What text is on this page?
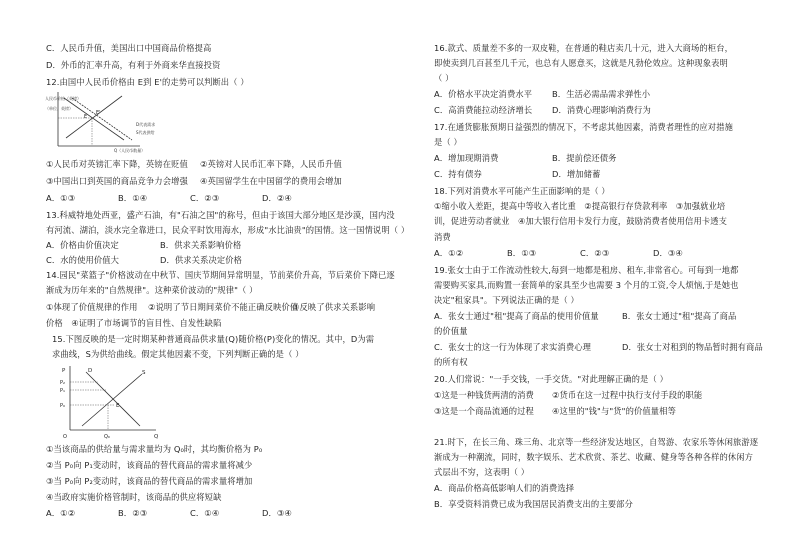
C．人民币升值，美国出口中国商品价格提高
D．外币的汇率升高，有利于外商来华直接投资
12.由国中人民币价格由 E到 E'的走势可以判断出（ ）
人民币价格（英镑）
（单位，英镑）
E
E'
D代表需求
S代表供给
Q（人民币数量）
①人民币对英镑汇率下降，英镑在贬值 ②英镑对人民币汇率下降，人民币升值
③中国出口到英国的商品竞争力会增强 ④英国留学生在中国留学的费用会增加
A．①③	B．①④	C．②③	D．②④
13.科威特地处西亚，盛产石油，有"石油之国"的称号，但由于该国大部分地区是沙漠，国内没
有河流、湖泊，淡水完全靠进口，民众平时饮用海水，形成"水比油贵"的国情。这一国情说明（ ）
A．价格由价值决定	B．供求关系影响价格
C．水的使用价值大	D．供求关系决定价格
14.园民"菜篮子"价格波动在中秋节、国庆节期间异常明显，节前菜价升高，节后菜价下降已逐
渐成为历年来的"自然规律"。这种菜价波动的"规律"（ ）
①体现了价值规律的作用 ②说明了节日期间菜价不能正确反映价值
③反映了供求关系影响
价格　④证明了市场调节的盲目性、自发性缺陷
15.下图反映的是一定时期某种普通商品供求量(Q)随价格(P)变化的情况。其中，D为需
求曲线，S为供给曲线。假定其他因素不变，下列判断正确的是（ ）
P
P₂
P₁
P₀
O	Q₀	Q
D	S
E
①当该商品的供给量与需求量均为 Q₀时，其均衡价格为 P₀
②当 P₀向 P₁变动时，该商品的替代商品的需求量将减少
③当 P₀向 P₂变动时，该商品的替代商品的需求量将增加
④当政府实施价格管制时，该商品的供应将短缺
A．①②	B．②③	C．①④	D．③④
16.款式、质量差不多的一双皮鞋，在普通的鞋店卖几十元，进入大商场的柜台，
即使卖到几百甚至几千元，也总有人愿意买，这就是凡勃伦效应。这种现象表明
（ ）
A．价格水平决定消费水平 B．生活必需品需求弹性小
C．高消费能拉动经济增长 D．消费心理影响消费行为
17.在通货膨胀预期日益强烈的情况下，不考虑其他因素，消费者理性的应对措施
是（ ）
A．增加现期消费	B．提前偿还债务
C．持有债券	D．增加储蓄
18.下列对消费水平可能产生正面影响的是（ ）
①缩小收入差距，提高中等收入者比重　②提高银行存贷款利率　③加强就业培
训，促进劳动者就业　④加大银行信用卡发行力度，鼓励消费者使用信用卡透支
消费
A．①②	B．①③	C．②③	D．③④
19.张女士由于工作流动性较大,每到一地都是租房、租车,非常省心。可每到一地都
需要购买家具,而购置一套简单的家具至少也需要 3 个月的工资,令人烦恼,于是她也
决定"租家具"。下列说法正确的是（ ）
A．张女士通过"租"提高了商品的使用价值量	B．张女士通过"租"提高了商品
的价值量
C．张女士的这一行为体现了求实消费心理	D．张女士对租到的物品暂时拥有商品
的所有权
20.人们常说："一手交钱，一手交货。"对此理解正确的是（ ）
①这是一种钱货两清的消费 ②货币在这一过程中执行支付手段的职能
③这是一个商品流通的过程 ④这里的"钱"与"货"的价值量相等
21.时下，在长三角、珠三角、北京等一些经济发达地区，自驾游、农家乐等休闲旅游逐
渐成为一种潮流，同时，数字娱乐、艺术欣赏、茶艺、收藏、健身等各种各样的休闲方
式层出不穷，这表明（ ）
A．商品价格高低影响人们的消费选择
B．享受资料消费已成为我国居民消费支出的主要部分
